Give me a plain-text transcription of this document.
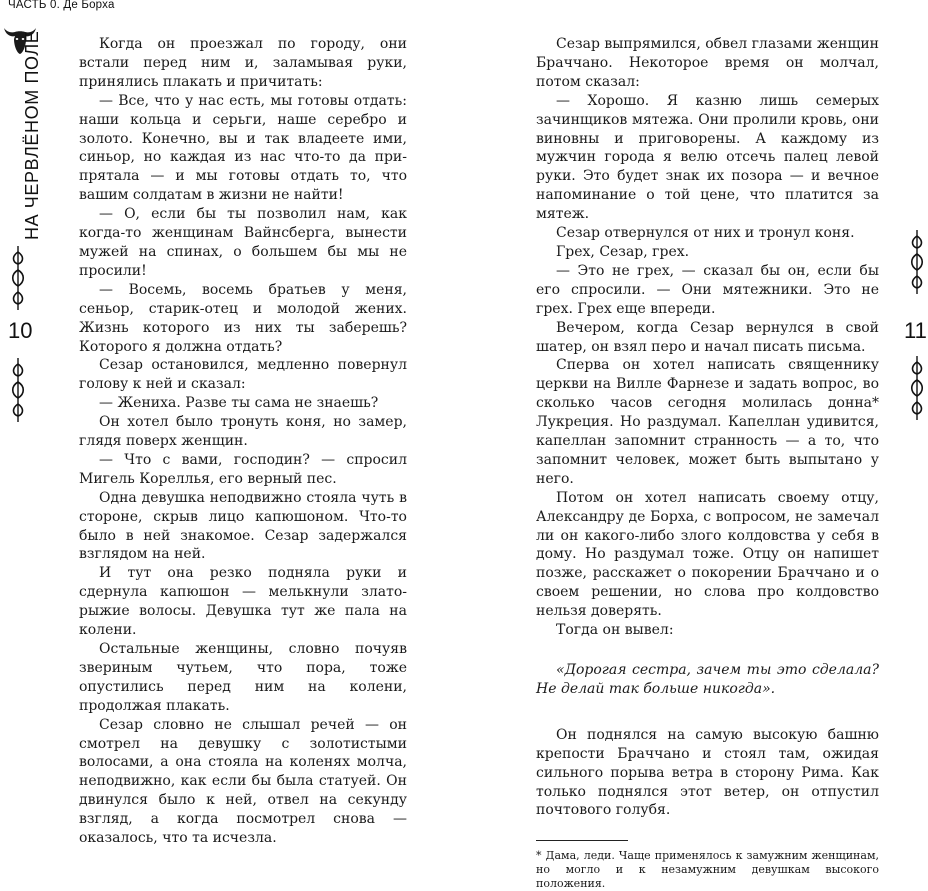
ЧАСТЬ 0. Де Борха
НА ЧЕРВЛЁНОМ ПОЛЕ
10

Когда он проезжал по городу, они встали перед ним и, заламывая руки, принялись плакать и причитать:

— Все, что у нас есть, мы готовы отдать: наши кольца и серьги, наше серебро и золото. Конечно, вы и так владеете ими, синьор, но каждая из нас что-то да припрятала — и мы готовы отдать то, что вашим солдатам в жизни не найти!

— О, если бы ты позволил нам, как когда-то женщинам Вайнсберга, вынести мужей на спинах, о большем бы мы не просили!

— Восемь, восемь братьев у меня, сеньор, старик-отец и молодой жених. Жизнь которого из них ты заберешь? Которого я должна отдать?

Сезар остановился, медленно повернул голову к ней и сказал:

— Жениха. Разве ты сама не знаешь?

Он хотел было тронуть коня, но замер, глядя поверх женщин.

— Что с вами, господин? — спросил Мигель Кореллья, его верный пес.

Одна девушка неподвижно стояла чуть в стороне, скрыв лицо капюшоном. Что-то было в ней знакомое. Сезар задержался взглядом на ней.

И тут она резко подняла руки и сдернула капюшон — мелькнули злато-рыжие волосы. Девушка тут же пала на колени.

Остальные женщины, словно почуяв звериным чутьем, что пора, тоже опустились перед ним на колени, продолжая плакать.

Сезар словно не слышал речей — он смотрел на девушку с золотистыми волосами, а она стояла на коленях молча, неподвижно, как если бы была статуей. Он двинулся было к ней, отвел на секунду взгляд, а когда посмотрел снова — оказалось, что та исчезла.

Сезар выпрямился, обвел глазами женщин Браччано. Некоторое время он молчал, потом сказал:

— Хорошо. Я казню лишь семерых зачинщиков мятежа. Они пролили кровь, они виновны и приговорены. А каждому из мужчин города я велю отсечь палец левой руки. Это будет знак их позора — и вечное напоминание о той цене, что платится за мятеж.

Сезар отвернулся от них и тронул коня.

Грех, Сезар, грех.

— Это не грех, — сказал бы он, если бы его спросили. — Они мятежники. Это не грех. Грех еще впереди.

Вечером, когда Сезар вернулся в свой шатер, он взял перо и начал писать письма.

Сперва он хотел написать священнику церкви на Вилле Фарнезе и задать вопрос, во сколько часов сегодня молилась донна* Лукреция. Но раздумал. Капеллан удивится, капеллан запомнит странность — а то, что запомнит человек, может быть выпытано у него.

Потом он хотел написать своему отцу, Александру де Борха, с вопросом, не замечал ли он какого-либо злого колдовства у себя в дому. Но раздумал тоже. Отцу он напишет позже, расскажет о покорении Браччано и о своем решении, но слова про колдовство нельзя доверять.

Тогда он вывел:

«Дорогая сестра, зачем ты это сделала? Не делай так больше никогда».

Он поднялся на самую высокую башню крепости Браччано и стоял там, ожидая сильного порыва ветра в сторону Рима. Как только поднялся этот ветер, он отпустил почтового голубя.

* Дама, леди. Чаще применялось к замужним женщинам, но могло и к незамужним девушкам высокого положения.

11
